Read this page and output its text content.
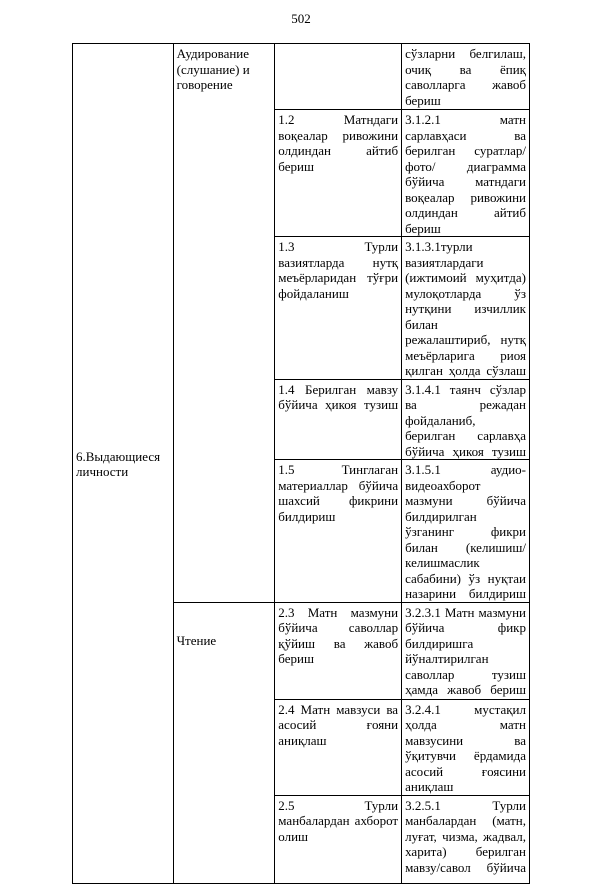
502
6.Выдающиеся личности	Аудирование (слушание) и говорение		сўзларни белгилаш, очиқ ва ёпиқ саволларга жавоб бериш
		1.2 Матндаги воқеалар ривожини олдиндан айтиб бериш	3.1.2.1 матн сарлавҳаси ва берилган суратлар/ фото/ диаграмма бўйича матндаги воқеалар ривожини олдиндан айтиб бериш
		1.3 Турли вазиятларда нутқ меъёрларидан тўғри фойдаланиш	3.1.3.1турли вазиятлардаги (ижтимоий муҳитда) мулоқотларда ўз нутқини изчиллик билан режалаштириб, нутқ меъёрларига риоя қилган ҳолда сўзлаш
		1.4 Берилган мавзу бўйича ҳикоя тузиш	3.1.4.1 таянч сўзлар ва режадан фойдаланиб, берилган сарлавҳа бўйича ҳикоя тузиш
		1.5 Тинглаган материаллар бўйича шахсий фикрини билдириш	3.1.5.1 аудио-видеоахборот мазмуни бўйича билдирилган ўзганинг фикри билан (келишиш/келишмаслик сабабини) ўз нуқтаи назарини билдириш
	Чтение	2.3 Матн мазмуни бўйича саволлар қўйиш ва жавоб бериш	3.2.3.1 Матн мазмуни бўйича фикр билдиришга йўналтирилган саволлар тузиш ҳамда жавоб бериш
		2.4 Матн мавзуси ва асосий ғояни аниқлаш	3.2.4.1 мустақил ҳолда матн мавзусини ва ўқитувчи ёрдамида асосий ғоясини аниқлаш
		2.5 Турли манбалардан ахборот олиш	3.2.5.1 Турли манбалардан (матн, луғат, чизма, жадвал, харита) берилган мавзу/савол бўйича
